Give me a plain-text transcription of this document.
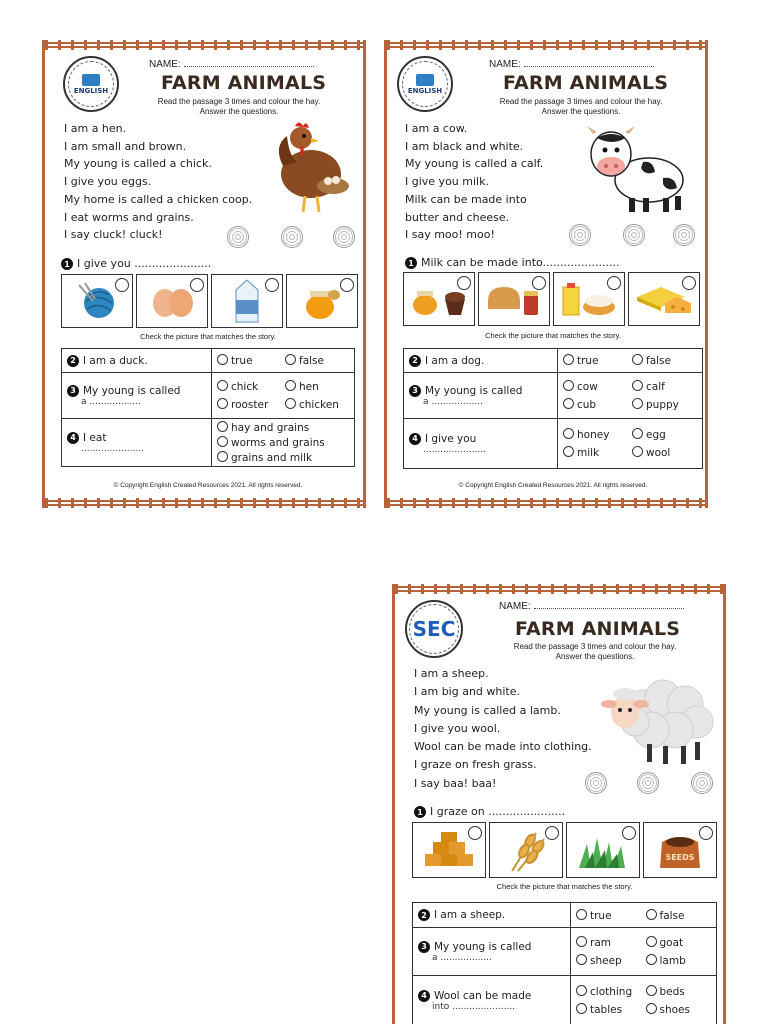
ENGLISH
NAME:
FARM ANIMALS
Read the passage 3 times and colour the hay.
Answer the questions.
I am a hen.
I am small and brown.
My young is called a chick.
I give you eggs.
My home is called a chicken coop.
I eat worms and grains.
I say cluck! cluck!
1 I give you ......................
Check the picture that matches the story.
2 I am a duck.	true false

3 My young is called
a ..................	chick hen
rooster chicken

4 I eat
......................	hay and grains
worms and grains
grains and milk
© Copyright English Created Resources 2021. All rights reserved.
ENGLISH
NAME:
FARM ANIMALS
Read the passage 3 times and colour the hay.
Answer the questions.
I am a cow.
I am black and white.
My young is called a calf.
I give you milk.
Milk can be made into
butter and cheese.
I say moo! moo!
1 Milk can be made into......................
Check the picture that matches the story.
2 I am a dog.	true false

3 My young is called
a ..................	cow calf
cub puppy

4 I give you
......................	honey egg
milk wool
© Copyright English Created Resources 2021. All rights reserved.
SEC
NAME:
FARM ANIMALS
Read the passage 3 times and colour the hay.
Answer the questions.
I am a sheep.
I am big and white.
My young is called a lamb.
I give you wool.
Wool can be made into clothing.
I graze on fresh grass.
I say baa! baa!
1 I graze on ......................
SEEDS
Check the picture that matches the story.
2 I am a sheep.	true false

3 My young is called
a ..................	ram goat
sheep lamb

4 Wool can be made
into ......................	clothing beds
tables shoes
